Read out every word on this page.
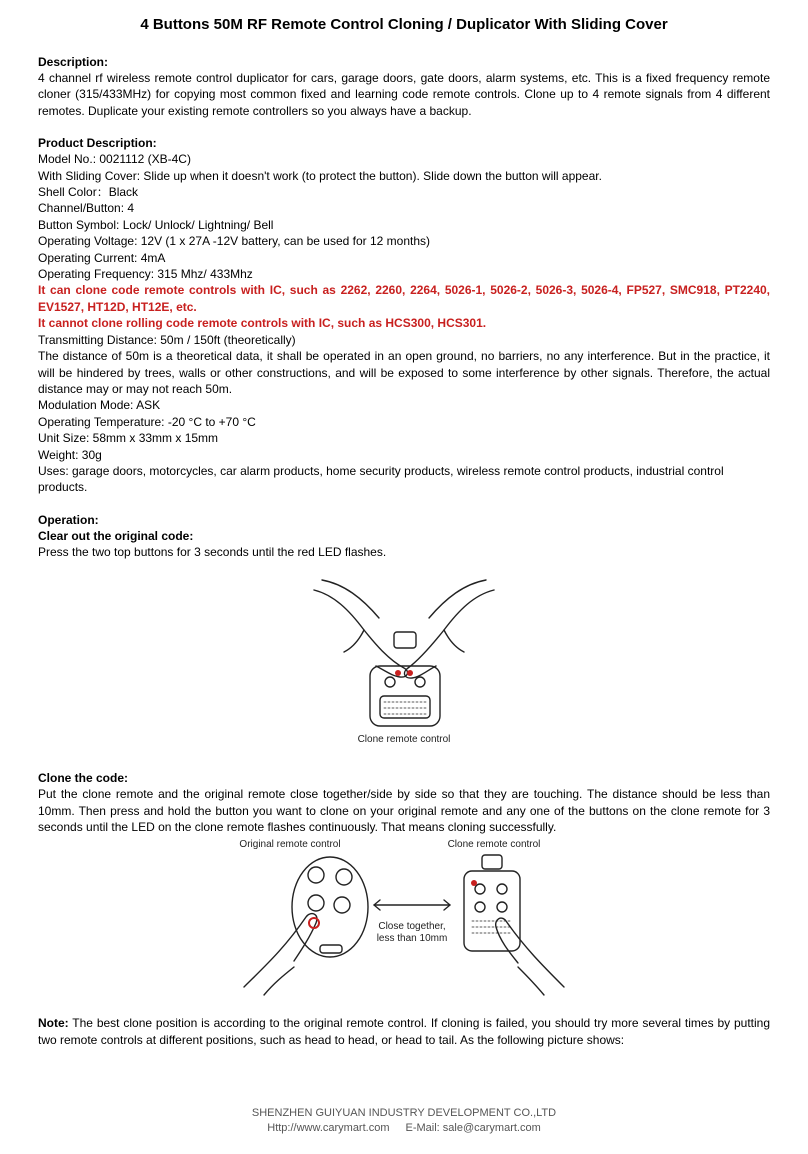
4 Buttons 50M RF Remote Control Cloning / Duplicator With Sliding Cover
Description:

4 channel rf wireless remote control duplicator for cars, garage doors, gate doors, alarm systems, etc. This is a fixed frequency remote cloner (315/433MHz) for copying most common fixed and learning code remote controls. Clone up to 4 remote signals from 4 different remotes. Duplicate your existing remote controllers so you always have a backup.

Product Description:
Model No.: 0021112 (XB-4C)
With Sliding Cover: Slide up when it doesn't work (to protect the button). Slide down the button will appear.
Shell Color：Black
Channel/Button: 4
Button Symbol: Lock/ Unlock/ Lightning/ Bell
Operating Voltage: 12V (1 x 27A -12V battery, can be used for 12 months)
Operating Current: 4mA
Operating Frequency: 315 Mhz/ 433Mhz

It can clone code remote controls with IC, such as 2262, 2260, 2264, 5026-1, 5026-2, 5026-3, 5026-4, FP527, SMC918, PT2240, EV1527, HT12D, HT12E, etc.

It cannot clone rolling code remote controls with IC, such as HCS300, HCS301.
Transmitting Distance: 50m / 150ft (theoretically)

The distance of 50m is a theoretical data, it shall be operated in an open ground, no barriers, no any interference. But in the practice, it will be hindered by trees, walls or other constructions, and will be exposed to some interference by other signals. Therefore, the actual distance may or may not reach 50m.

Modulation Mode: ASK
Operating Temperature: -20 °C to +70 °C
Unit Size: 58mm x 33mm x 15mm
Weight: 30g
Uses: garage doors, motorcycles, car alarm products, home security products, wireless remote control products, industrial control products.
Operation:
Clear out the original code:
Press the two top buttons for 3 seconds until the red LED flashes.
Clone remote control
Clone the code:

Put the clone remote and the original remote close together/side by side so that they are touching. The distance should be less than 10mm. Then press and hold the button you want to clone on your original remote and any one of the buttons on the clone remote for 3 seconds until the LED on the clone remote flashes continuously. That means cloning successfully.

Original remote control	Clone remote control
Close together,
less than 10mm

Note: The best clone position is according to the original remote control. If cloning is failed, you should try more several times by putting two remote controls at different positions, such as head to head, or head to tail. As the following picture shows:

SHENZHEN GUIYUAN INDUSTRY DEVELOPMENT CO.,LTD
Http://www.carymart.com E-Mail: sale@carymart.com
